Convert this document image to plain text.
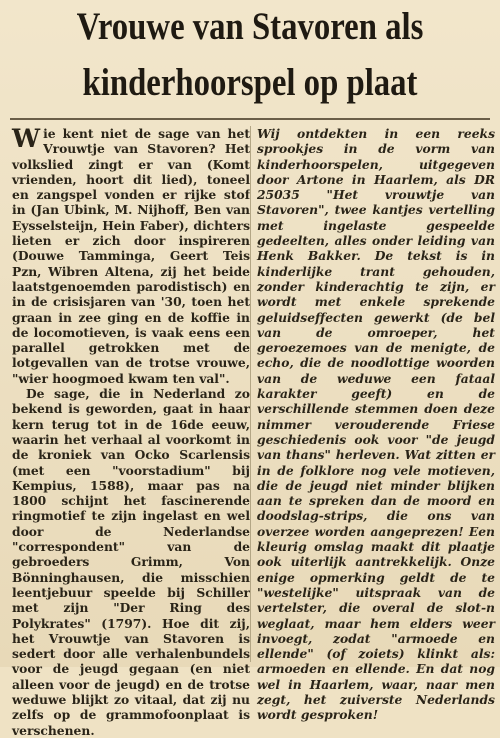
Vrouwe van Stavoren als
kinderhoorspel op plaat

Wie kent niet de sage van het Vrouwtje van Stavoren? Het volkslied zingt er van (Komt vrienden, hoort dit lied), toneel en zangspel vonden er rijke stof in (Jan Ubink, M. Nijhoff, Ben van Eysselsteijn, Hein Faber), dichters lieten er zich door inspireren (Douwe Tamminga, Geert Teis Pzn, Wibren Altena, zij het beide laatstgenoemden parodistisch) en in de crisisjaren van '30, toen het graan in zee ging en de koffie in de locomotieven, is vaak eens een parallel getrokken met de lotgevallen van de trotse vrouwe, "wier hoogmoed kwam ten val".

De sage, die in Nederland zo bekend is geworden, gaat in haar kern terug tot in de 16de eeuw, waarin het verhaal al voorkomt in de kroniek van Ocko Scarlensis (met een "voorstadium" bij Kempius, 1588), maar pas na 1800 schijnt het fascinerende ringmotief te zijn ingelast en wel door de Nederlandse "correspondent" van de gebroeders Grimm, Von Bönninghausen, die misschien leentjebuur speelde bij Schiller met zijn "Der Ring des Polykrates" (1797). Hoe dit zij, het Vrouwtje van Stavoren is sedert door alle verhalenbundels voor de jeugd gegaan (en niet alleen voor de jeugd) en de trotse weduwe blijkt zo vitaal, dat zij nu zelfs op de grammofoonplaat is verschenen.

Wij ontdekten in een reeks sprookjes in de vorm van kinderhoorspelen, uitgegeven door Artone in Haarlem, als DR 25035 "Het vrouwtje van Stavoren", twee kantjes vertelling met ingelaste gespeelde gedeelten, alles onder leiding van Henk Bakker. De tekst is in kinderlijke trant gehouden, zonder kinderachtig te zijn, er wordt met enkele sprekende geluidseffecten gewerkt (de bel van de omroeper, het geroezemoes van de menigte, de echo, die de noodlottige woorden van de weduwe een fataal karakter geeft) en de verschillende stemmen doen deze nimmer verouderende Friese geschiedenis ook voor "de jeugd van thans" herleven. Wat zitten er in de folklore nog vele motieven, die de jeugd niet minder blijken aan te spreken dan de moord en doodslag-strips, die ons van overzee worden aangeprezen! Een kleurig omslag maakt dit plaatje ook uiterlijk aantrekkelijk. Onze enige opmerking geldt de te "westelijke" uitspraak van de vertelster, die overal de slot-n weglaat, maar hem elders weer invoegt, zodat "armoede en ellende" (of zoiets) klinkt als: armoeden en ellende. En dat nog wel in Haarlem, waar, naar men zegt, het zuiverste Nederlands wordt gesproken!
